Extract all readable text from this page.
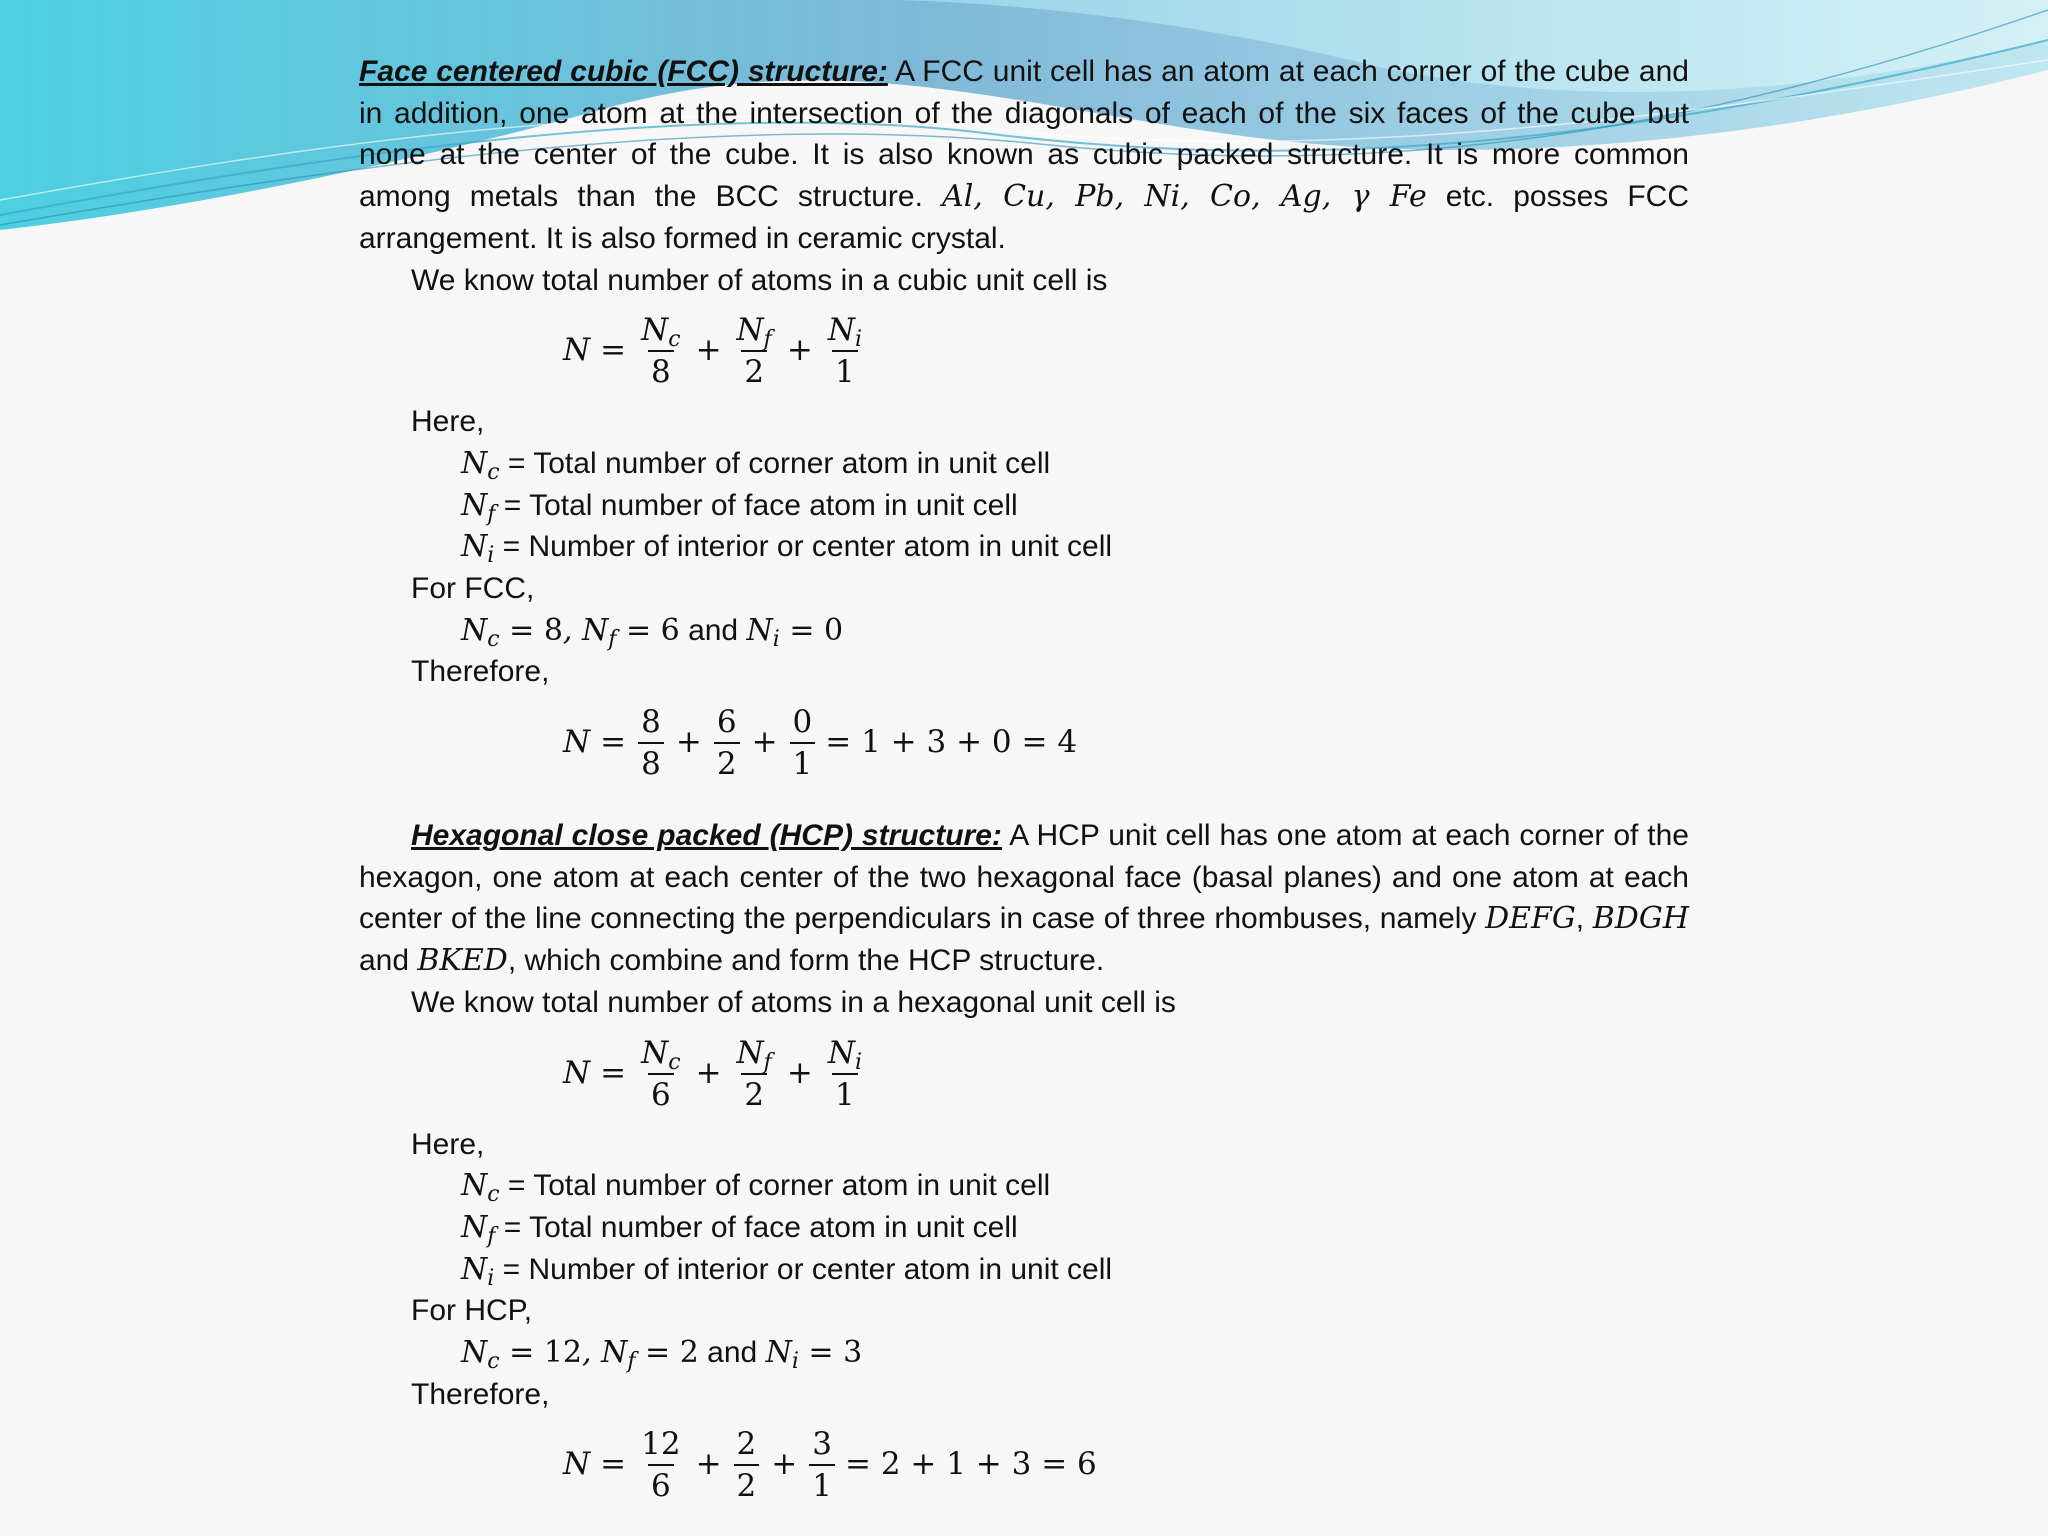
Face centered cubic (FCC) structure: A FCC unit cell has an atom at each corner of the cube and in addition, one atom at the intersection of the diagonals of each of the six faces of the cube but none at the center of the cube. It is also known as cubic packed structure. It is more common among metals than the BCC structure. Al, Cu, Pb, Ni, Co, Ag, γ Fe etc. posses FCC arrangement. It is also formed in ceramic crystal.

We know total number of atoms in a cubic unit cell is

$N = \frac{N_c}{8} + \frac{N_f}{2} + \frac{N_i}{1}$

Here,

$N_c$ = Total number of corner atom in unit cell

$N_f$ = Total number of face atom in unit cell

$N_i$ = Number of interior or center atom in unit cell

For FCC,

$N_c = 8$, $N_f = 6$ and $N_i = 0$

Therefore,

$N = \frac{8}{8} + \frac{6}{2} + \frac{0}{1} = 1 + 3 + 0 = 4$

Hexagonal close packed (HCP) structure: A HCP unit cell has one atom at each corner of the hexagon, one atom at each center of the two hexagonal face (basal planes) and one atom at each center of the line connecting the perpendiculars in case of three rhombuses, namely DEFG, BDGH and BKED, which combine and form the HCP structure.

We know total number of atoms in a hexagonal unit cell is

$N = \frac{N_c}{6} + \frac{N_f}{2} + \frac{N_i}{1}$

Here,

$N_c$ = Total number of corner atom in unit cell

$N_f$ = Total number of face atom in unit cell

$N_i$ = Number of interior or center atom in unit cell

For HCP,

$N_c = 12$, $N_f = 2$ and $N_i = 3$

Therefore,

$N = \frac{12}{6} + \frac{2}{2} + \frac{3}{1} = 2 + 1 + 3 = 6$
